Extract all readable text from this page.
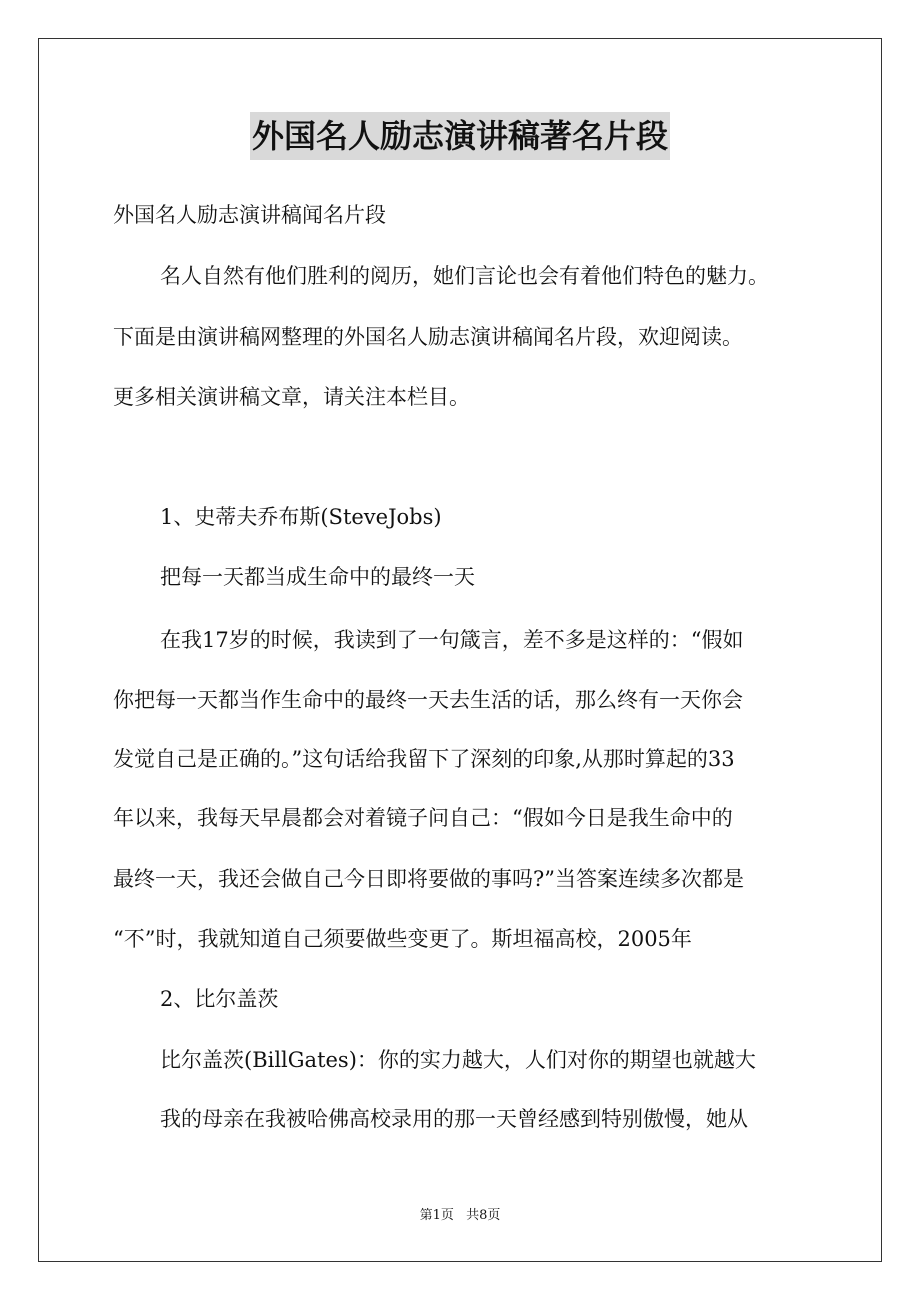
外国名人励志演讲稿著名片段
外国名人励志演讲稿闻名片段
名人自然有他们胜利的阅历，她们言论也会有着他们特色的魅力。
下面是由演讲稿网整理的外国名人励志演讲稿闻名片段，欢迎阅读。
更多相关演讲稿文章，请关注本栏目。
1、史蒂夫乔布斯(SteveJobs)
把每一天都当成生命中的最终一天
在我17岁的时候，我读到了一句箴言，差不多是这样的：“假如
你把每一天都当作生命中的最终一天去生活的话，那么终有一天你会
发觉自己是正确的。”这句话给我留下了深刻的印象,从那时算起的33
年以来，我每天早晨都会对着镜子问自己：“假如今日是我生命中的
最终一天，我还会做自己今日即将要做的事吗?”当答案连续多次都是
“不”时，我就知道自己须要做些变更了。斯坦福高校，2005年
2、比尔盖茨
比尔盖茨(BillGates)：你的实力越大，人们对你的期望也就越大
我的母亲在我被哈佛高校录用的那一天曾经感到特别傲慢，她从
第1页 共8页
